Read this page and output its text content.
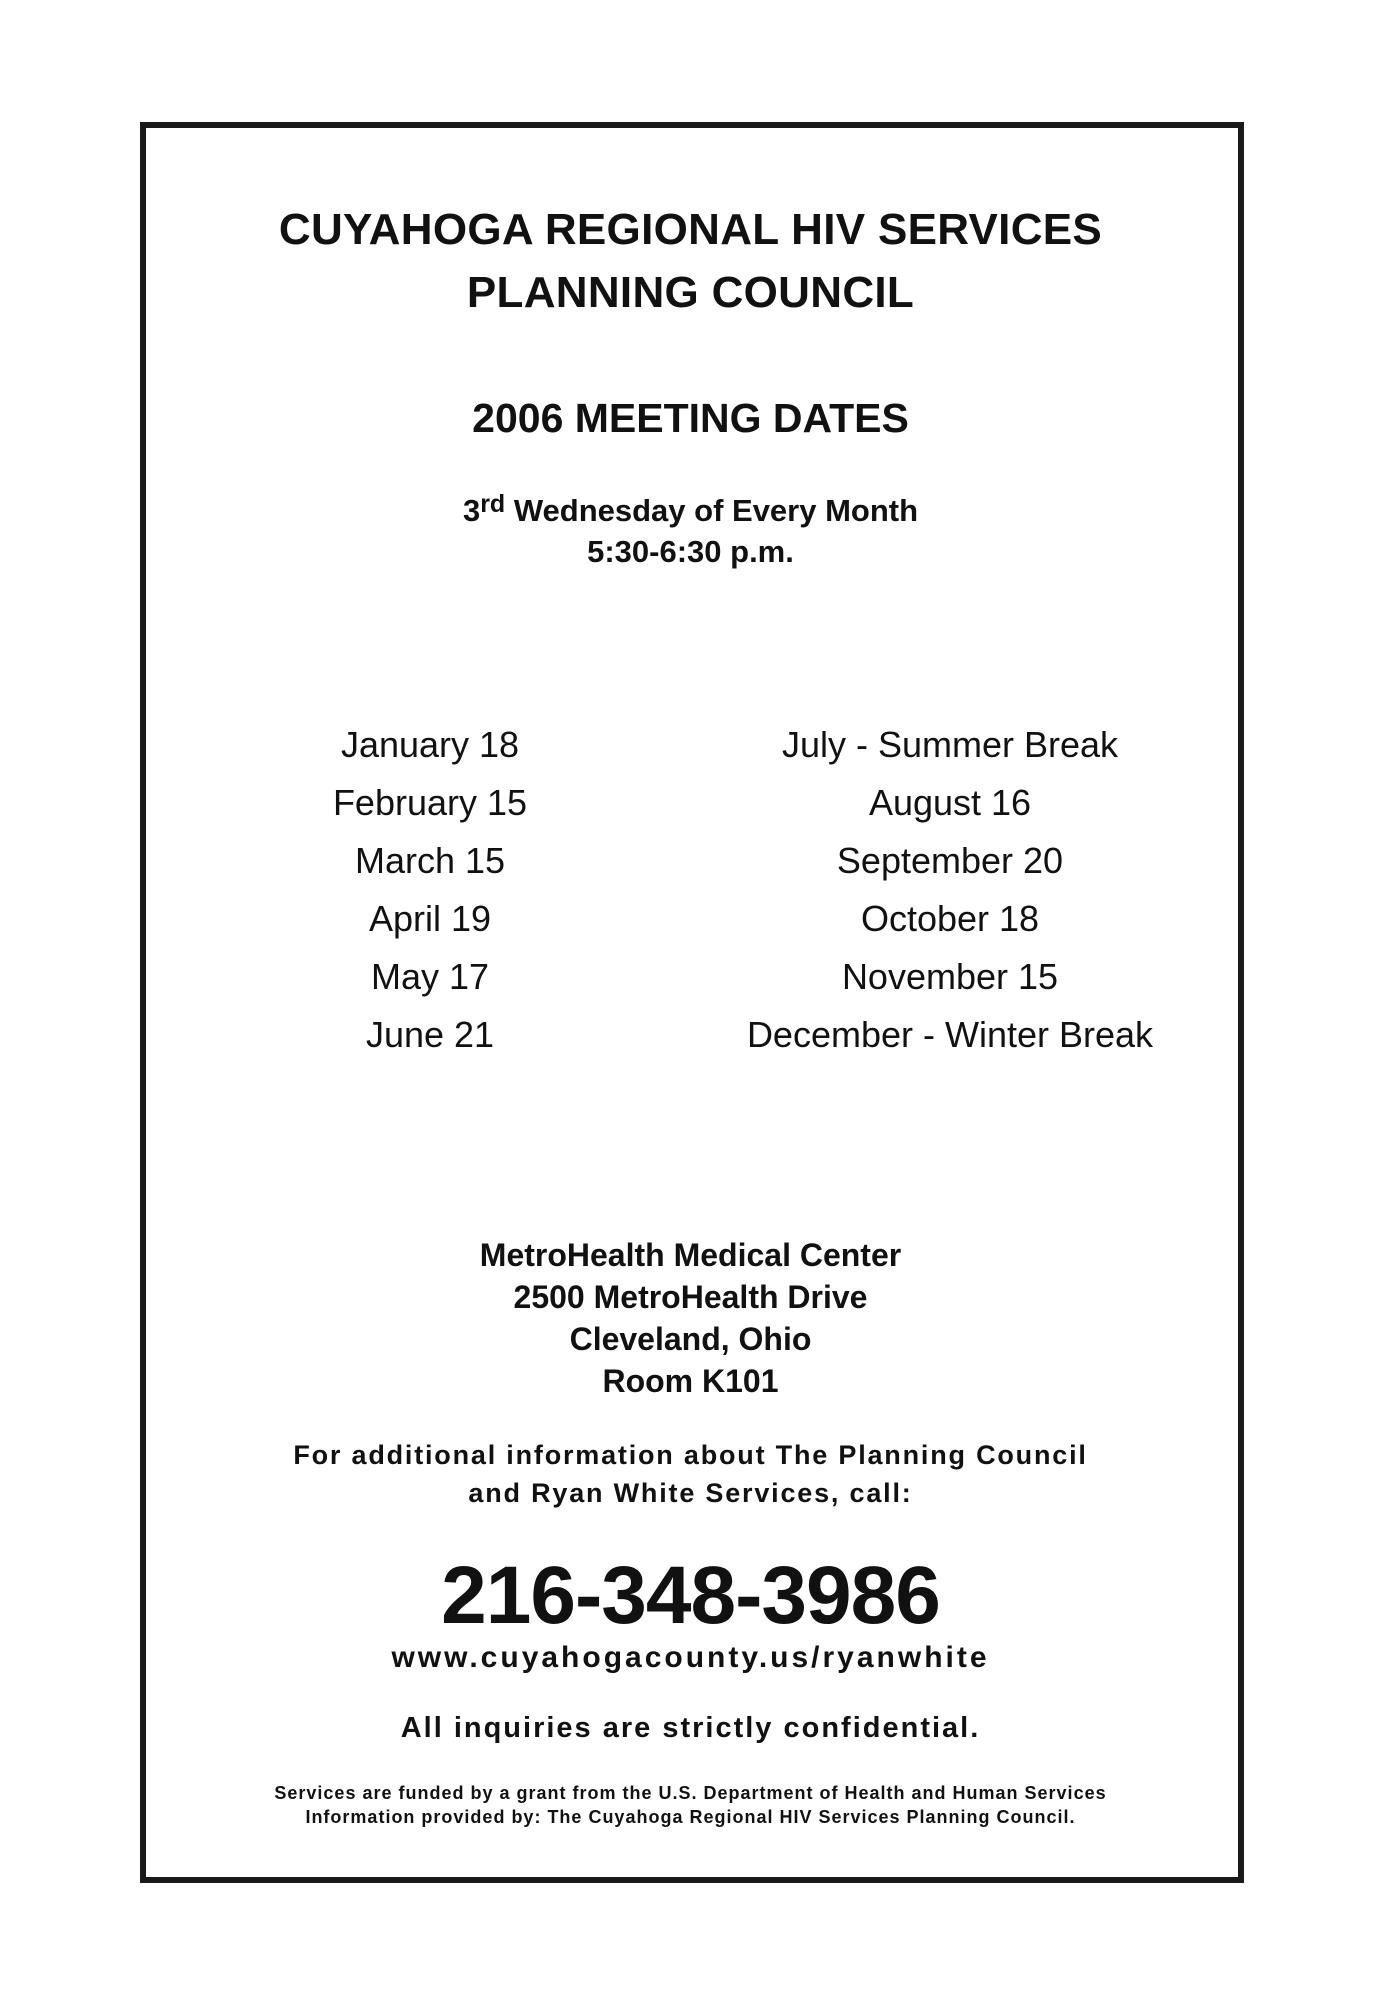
CUYAHOGA REGIONAL HIV SERVICES
PLANNING COUNCIL
2006 MEETING DATES
3rd Wednesday of Every Month
5:30-6:30 p.m.
January 18
February 15
March 15
April 19
May 17
June 21
July - Summer Break
August 16
September 20
October 18
November 15
December - Winter Break
MetroHealth Medical Center
2500 MetroHealth Drive
Cleveland, Ohio
Room K101
For additional information about The Planning Council
and Ryan White Services, call:
216-348-3986
www.cuyahogacounty.us/ryanwhite
All inquiries are strictly confidential.
Services are funded by a grant from the U.S. Department of Health and Human Services
Information provided by: The Cuyahoga Regional HIV Services Planning Council.
